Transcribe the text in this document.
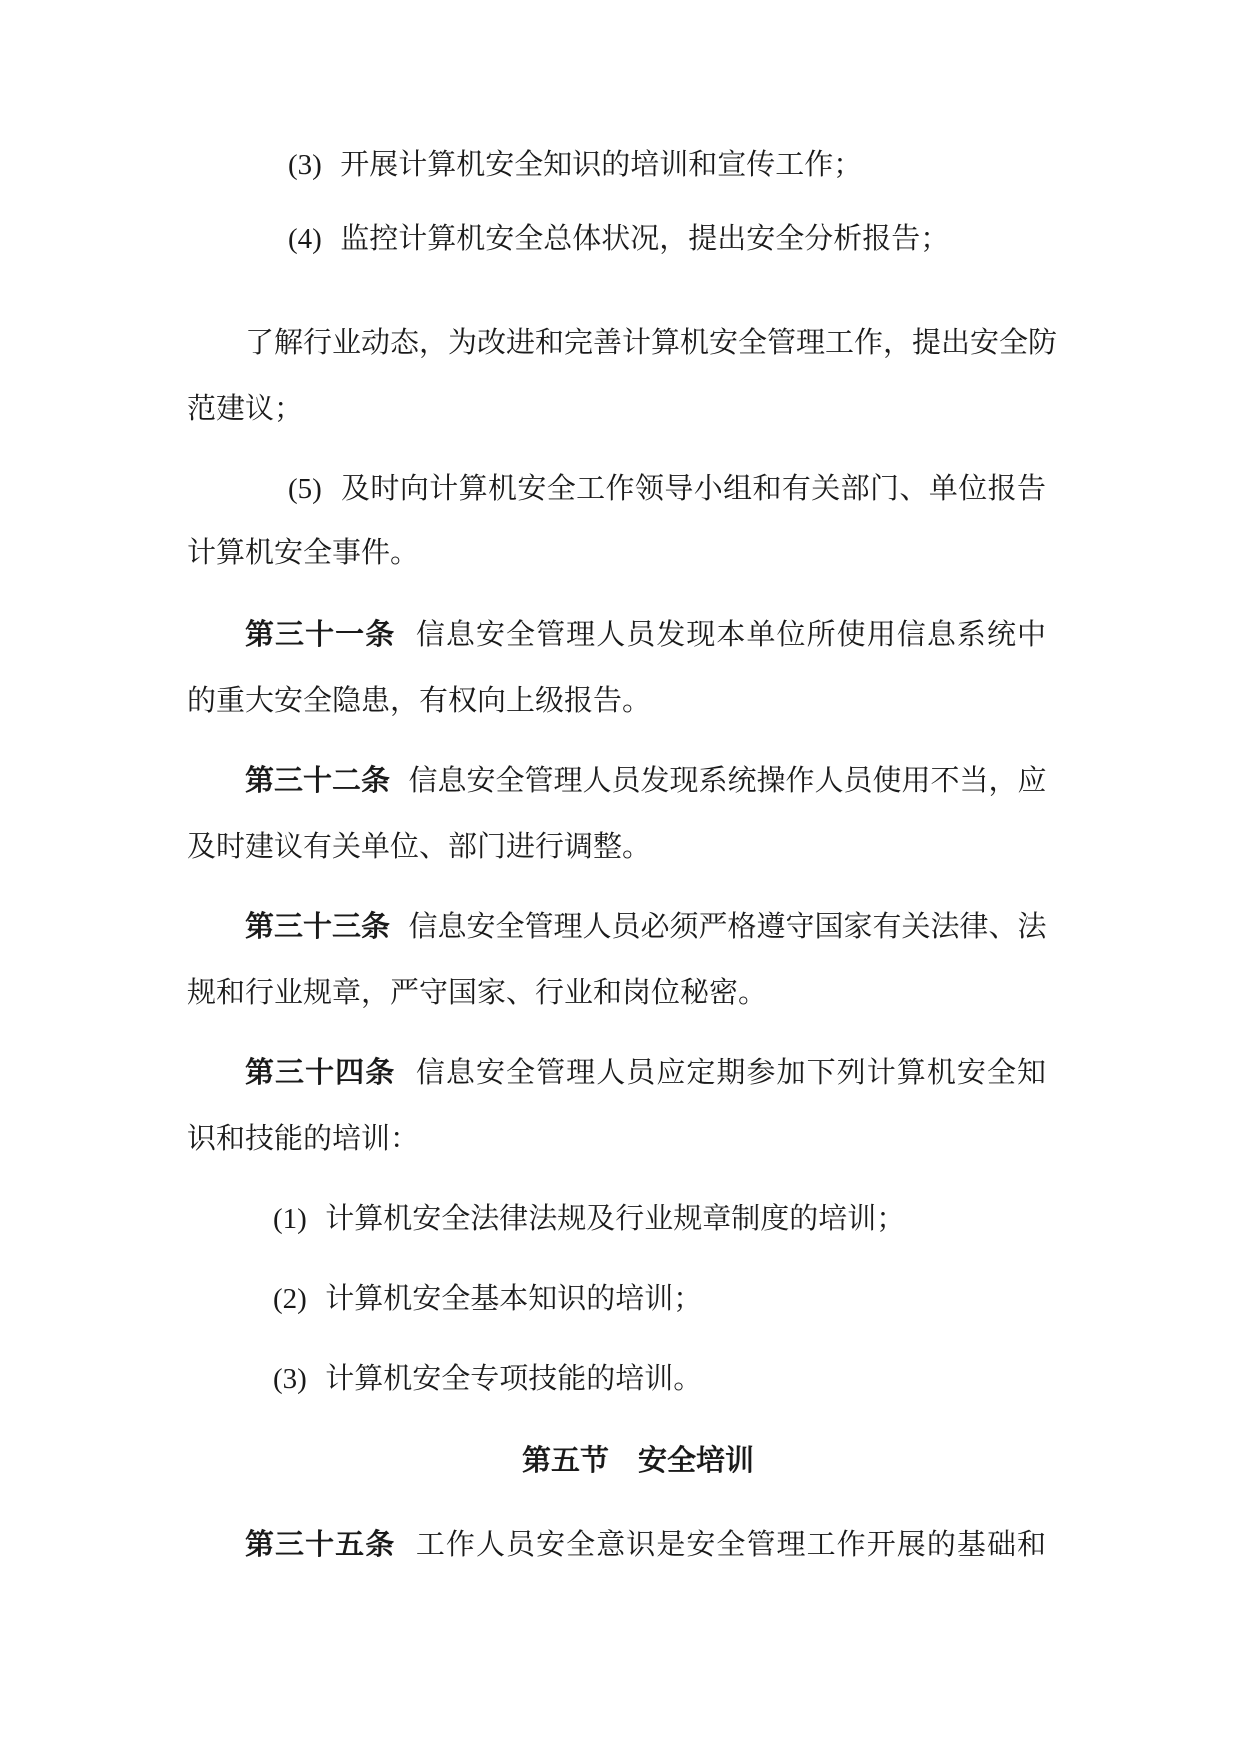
(3) 开展计算机安全知识的培训和宣传工作；
(4) 监控计算机安全总体状况，提出安全分析报告；
了解行业动态，为改进和完善计算机安全管理工作，提出安全防
范建议；
(5) 及时向计算机安全工作领导小组和有关部门、单位报告
计算机安全事件。
第三十一条 信息安全管理人员发现本单位所使用信息系统中
的重大安全隐患，有权向上级报告。
第三十二条 信息安全管理人员发现系统操作人员使用不当，应
及时建议有关单位、部门进行调整。
第三十三条 信息安全管理人员必须严格遵守国家有关法律、法
规和行业规章，严守国家、行业和岗位秘密。
第三十四条 信息安全管理人员应定期参加下列计算机安全知
识和技能的培训：
(1) 计算机安全法律法规及行业规章制度的培训；
(2) 计算机安全基本知识的培训；
(3) 计算机安全专项技能的培训。
第五节　安全培训
第三十五条 工作人员安全意识是安全管理工作开展的基础和
